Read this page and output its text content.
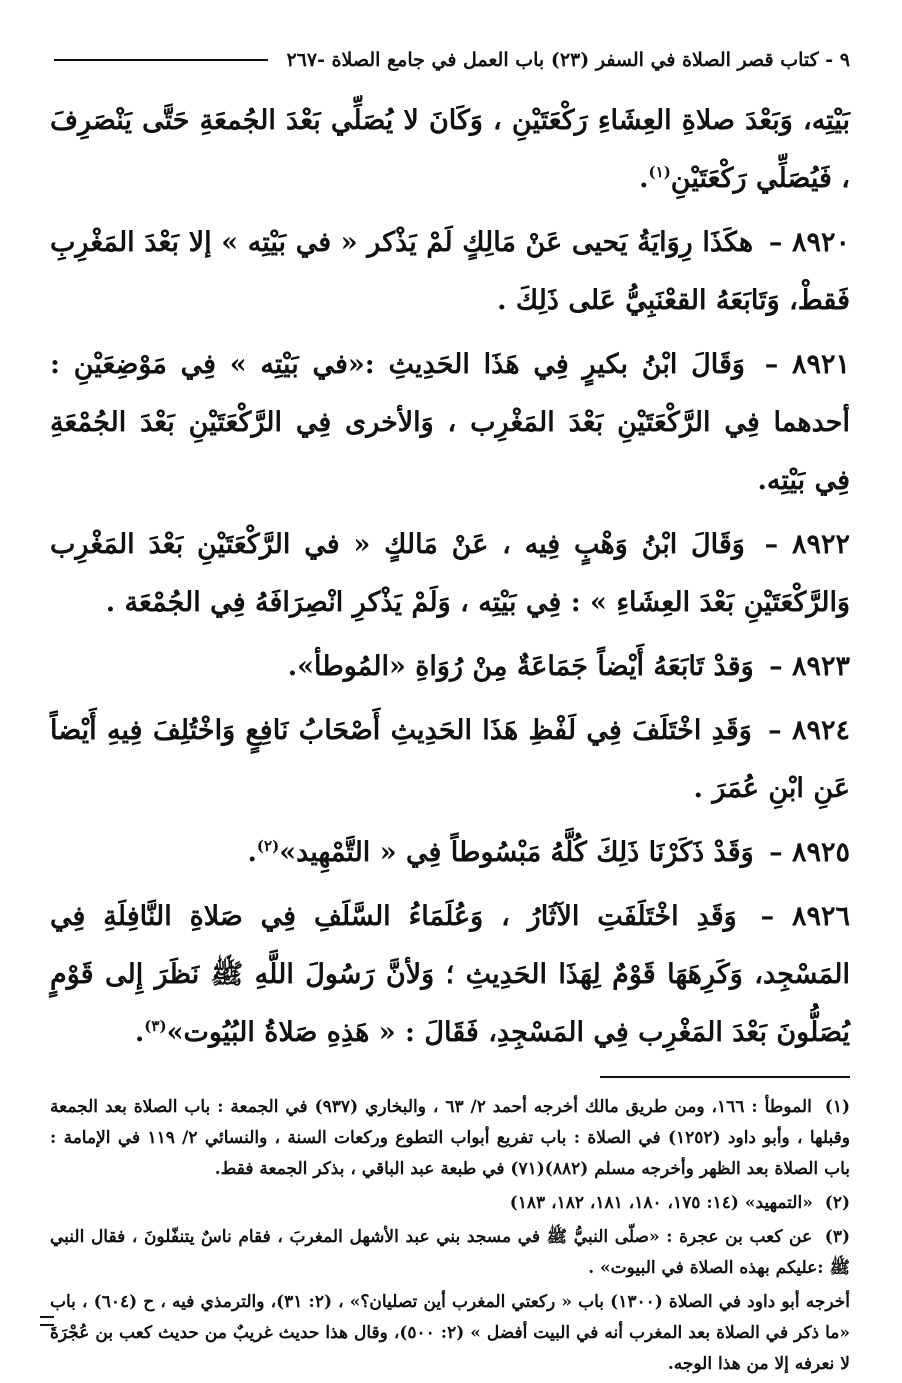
٩ - كتاب قصر الصلاة في السفر (٢٣) باب العمل في جامع الصلاة -٢٦٧

بَيْتِه، وَبَعْدَ صلاةِ العِشَاءِ رَكْعَتَيْنِ ، وَكَانَ لا يُصَلِّي بَعْدَ الجُمعَةِ حَتَّى يَنْصَرِفَ ، فَيُصَلِّي رَكْعَتَيْنِ$^{(١)}$.

٨٩٢٠ – هكَذَا رِوَايَةُ يَحيى عَنْ مَالِكٍ لَمْ يَذْكر « في بَيْتِه » إلا بَعْدَ المَغْرِبِ فَقطْ، وَتَابَعَهُ القعْنَبِيُّ عَلى ذَلِكَ .

٨٩٢١ – وَقَالَ ابْنُ بكيرٍ فِي هَذَا الحَدِيثِ :«في بَيْتِه » فِي مَوْضِعَيْنِ : أحدهما فِي الرَّكْعَتَيْنِ بَعْدَ المَغْرِب ، وَالأخرى فِي الرَّكْعَتَيْنِ بَعْدَ الجُمْعَةِ فِي بَيْتِه.

٨٩٢٢ – وَقَالَ ابْنُ وَهْبٍ فِيه ، عَنْ مَالكٍ « في الرَّكْعَتَيْنِ بَعْدَ المَغْرِب وَالرَّكْعَتَيْنِ بَعْدَ العِشَاءِ » : فِي بَيْتِه ، وَلَمْ يَذْكرِ انْصِرَافَهُ فِي الجُمْعَة .

٨٩٢٣ – وَقدْ تَابَعَهُ أَيْضاً جَمَاعَةٌ مِنْ رُوَاةِ «المُوطأ».

٨٩٢٤ – وَقَدِ اخْتَلَفَ فِي لَفْظِ هَذَا الحَدِيثِ أَصْحَابُ نَافِعٍ وَاخْتُلِفَ فِيهِ أَيْضاً عَنِ ابْنِ عُمَرَ .

٨٩٢٥ – وَقَدْ ذَكَرْنَا ذَلِكَ كُلَّهُ مَبْسُوطاً فِي « التَّمْهِيد»$^{(٢)}$.

٨٩٢٦ – وَقَدِ اخْتَلَفَتِ الآثَارُ ، وَعُلَمَاءُ السَّلَفِ فِي صَلاةِ النَّافِلَةِ فِي المَسْجِد، وَكَرِهَهَا قَوْمٌ لِهَذَا الحَدِيثِ ؛ وَلأنَّ رَسُولَ اللَّهِ ﷺ نَظَرَ إِلى قَوْمٍ يُصَلُّونَ بَعْدَ المَغْرِب فِي المَسْجِدِ، فَقَالَ : « هَذِهِ صَلاةُ البُيُوت»$^{(٣)}$.

(١) الموطأ : ١٦٦، ومن طريق مالك أخرجه أحمد ٢/ ٦٣ ، والبخاري (٩٣٧) في الجمعة : باب الصلاة بعد الجمعة وقبلها ، وأبو داود (١٢٥٢) في الصلاة : باب تفريع أبواب التطوع وركعات السنة ، والنسائي ٢/ ١١٩ في الإمامة : باب الصلاة بعد الظهر وأخرجه مسلم (٨٨٢)(٧١) في طبعة عبد الباقي ، بذكر الجمعة فقط.

(٢) «التمهيد» (١٤: ١٧٥، ١٨٠، ١٨١، ١٨٢، ١٨٣)

(٣) عن كعب بن عجرة : «صلّى النبيُّ ﷺ في مسجد بني عبد الأشهل المغربَ ، فقام ناسٌ يتنفّلونَ ، فقال النبي ﷺ :عليكم بهذه الصلاة في البيوت» .

أخرجه أبو داود في الصلاة (١٣٠٠) باب « ركعتي المغرب أين تصليان؟» ، (٢: ٣١)، والترمذي فيه ، ح (٦٠٤) ، باب «ما ذكر في الصلاة بعد المغرب أنه في البيت أفضل » (٢: ٥٠٠)، وقال هذا حديث غريبٌ من حديث كعب بن عُجْرَةَ لا نعرفه إلا من هذا الوجه.
